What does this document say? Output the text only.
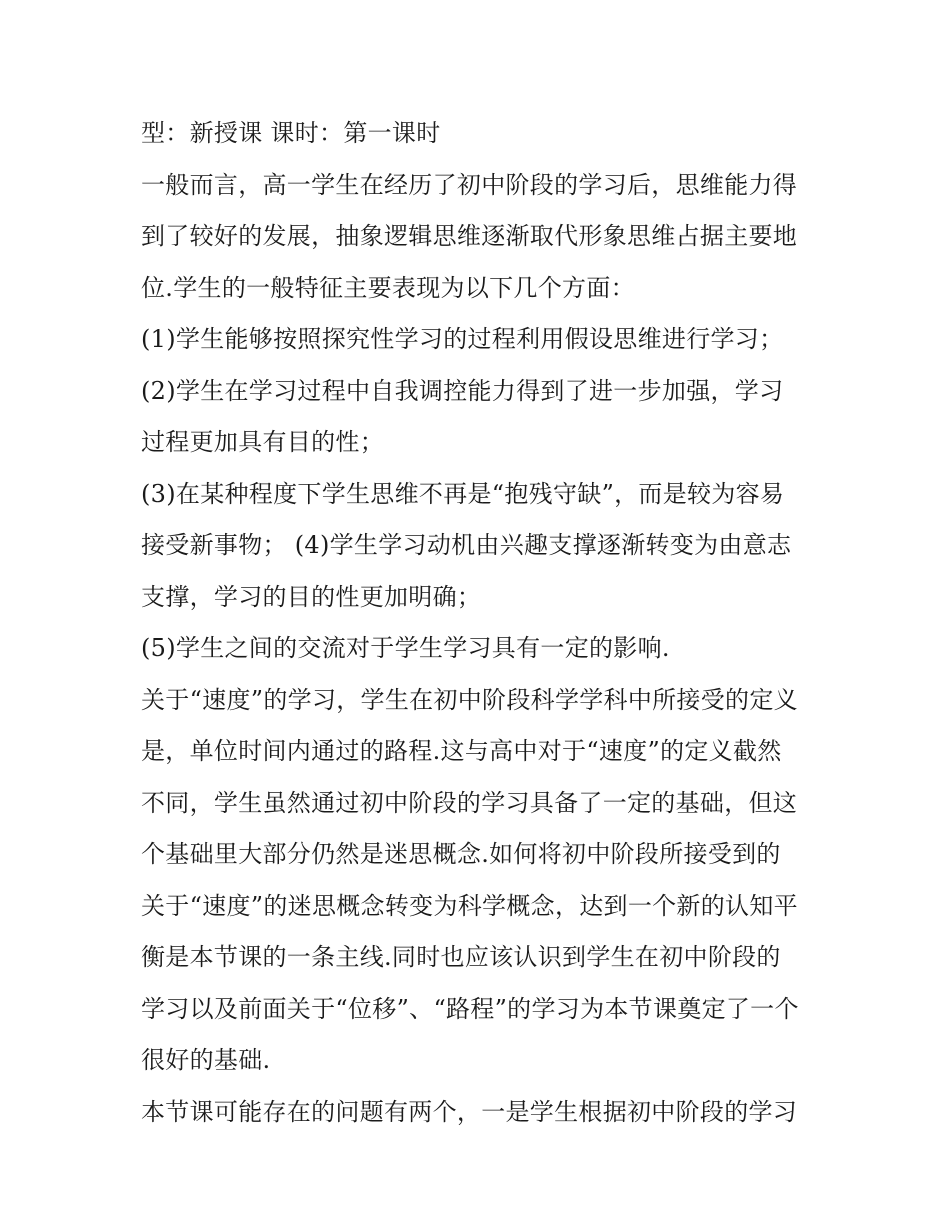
型：新授课 课时：第一课时
一般而言，高一学生在经历了初中阶段的学习后，思维能力得
到了较好的发展，抽象逻辑思维逐渐取代形象思维占据主要地
位.学生的一般特征主要表现为以下几个方面：
(1)学生能够按照探究性学习的过程利用假设思维进行学习；
(2)学生在学习过程中自我调控能力得到了进一步加强，学习
过程更加具有目的性；
(3)在某种程度下学生思维不再是“抱残守缺”，而是较为容易
接受新事物； (4)学生学习动机由兴趣支撑逐渐转变为由意志
支撑，学习的目的性更加明确；
(5)学生之间的交流对于学生学习具有一定的影响.
关于“速度”的学习，学生在初中阶段科学学科中所接受的定义
是，单位时间内通过的路程.这与高中对于“速度”的定义截然
不同，学生虽然通过初中阶段的学习具备了一定的基础，但这
个基础里大部分仍然是迷思概念.如何将初中阶段所接受到的
关于“速度”的迷思概念转变为科学概念，达到一个新的认知平
衡是本节课的一条主线.同时也应该认识到学生在初中阶段的
学习以及前面关于“位移”、“路程”的学习为本节课奠定了一个
很好的基础.
本节课可能存在的问题有两个，一是学生根据初中阶段的学习
